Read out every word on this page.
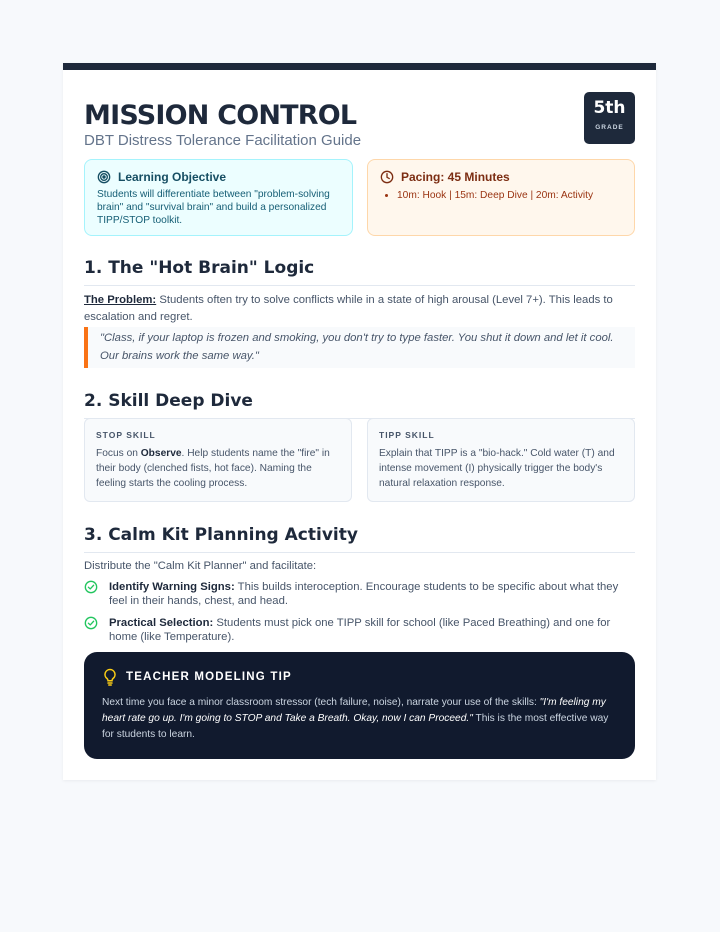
MISSION CONTROL
DBT Distress Tolerance Facilitation Guide
5th
GRADE
Learning Objective
Students will differentiate between "problem-solving brain" and "survival brain" and build a personalized TIPP/STOP toolkit.
Pacing: 45 Minutes
• 10m: Hook | 15m: Deep Dive | 20m: Activity
1. The "Hot Brain" Logic
The Problem: Students often try to solve conflicts while in a state of high arousal (Level 7+). This leads to escalation and regret.
"Class, if your laptop is frozen and smoking, you don't try to type faster. You shut it down and let it cool. Our brains work the same way."
2. Skill Deep Dive
STOP SKILL
Focus on Observe. Help students name the "fire" in their body (clenched fists, hot face). Naming the feeling starts the cooling process.
TIPP SKILL
Explain that TIPP is a "bio-hack." Cold water (T) and intense movement (I) physically trigger the body's natural relaxation response.
3. Calm Kit Planning Activity
Distribute the "Calm Kit Planner" and facilitate:
Identify Warning Signs: This builds interoception. Encourage students to be specific about what they feel in their hands, chest, and head.
Practical Selection: Students must pick one TIPP skill for school (like Paced Breathing) and one for home (like Temperature).
TEACHER MODELING TIP
Next time you face a minor classroom stressor (tech failure, noise), narrate your use of the skills: "I'm feeling my heart rate go up. I'm going to STOP and Take a Breath. Okay, now I can Proceed." This is the most effective way for students to learn.
